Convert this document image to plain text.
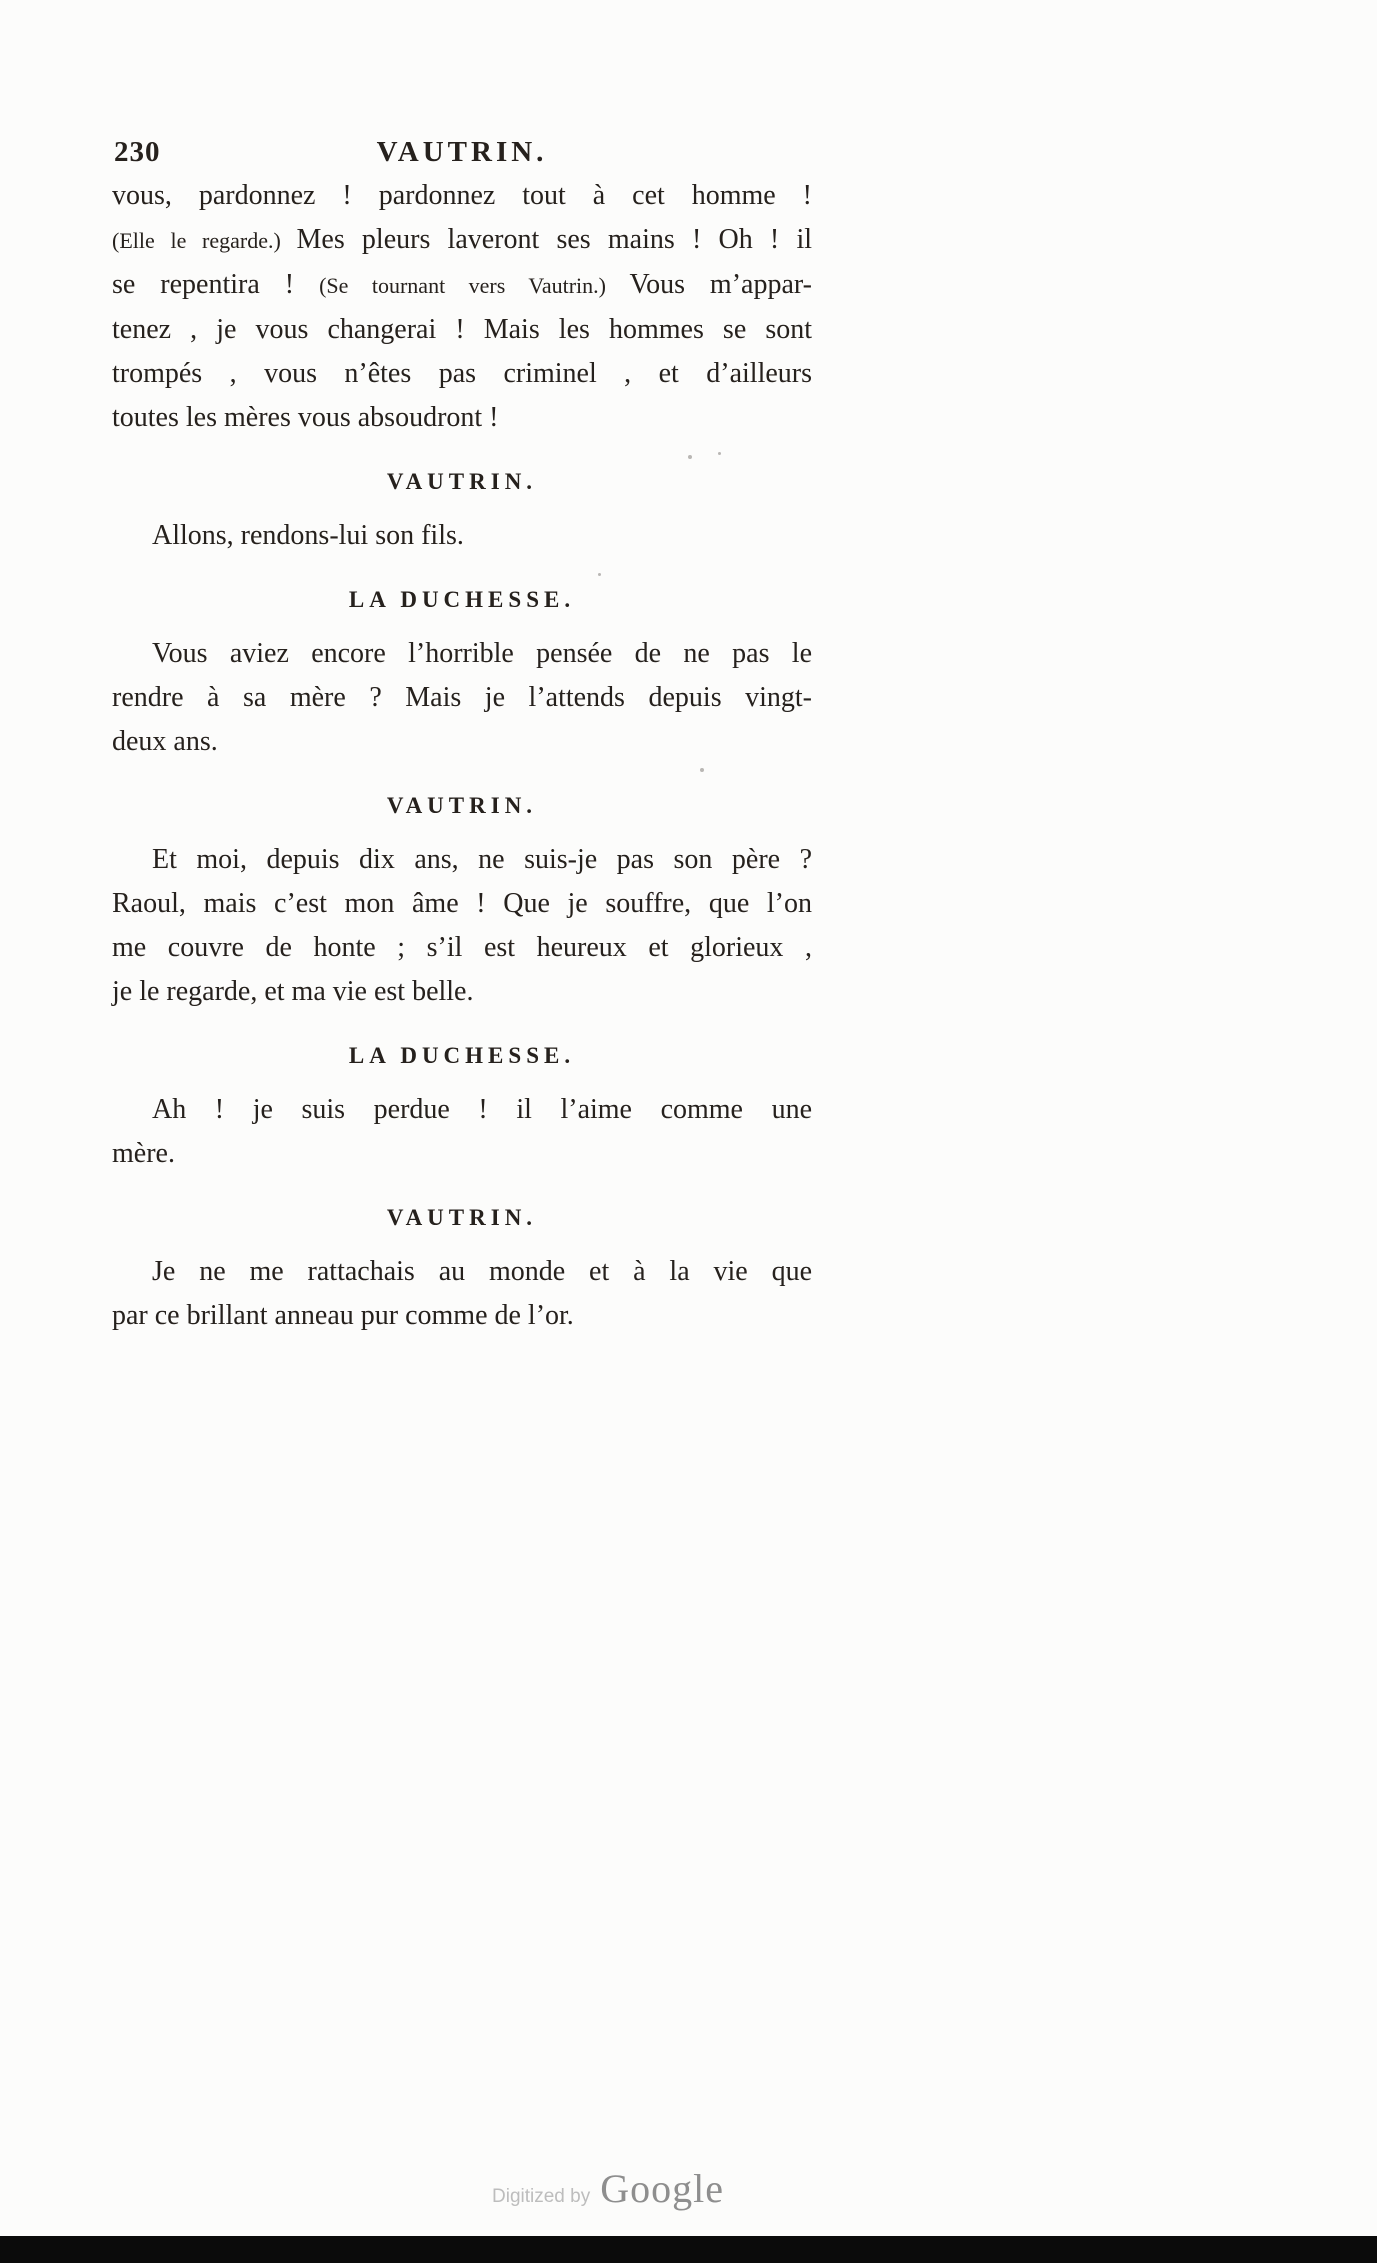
230	VAUTRIN.
vous, pardonnez ! pardonnez tout à cet homme !
(Elle le regarde.) Mes pleurs laveront ses mains ! Oh ! il
se repentira ! (Se tournant vers Vautrin.) Vous m’appar-
tenez , je vous changerai ! Mais les hommes se sont
trompés , vous n’êtes pas criminel , et d’ailleurs
toutes les mères vous absoudront !
VAUTRIN.
Allons, rendons-lui son fils.
LA DUCHESSE.
Vous aviez encore l’horrible pensée de ne pas le
rendre à sa mère ? Mais je l’attends depuis vingt-
deux ans.
VAUTRIN.
Et moi, depuis dix ans, ne suis-je pas son père ?
Raoul, mais c’est mon âme ! Que je souffre, que l’on
me couvre de honte ; s’il est heureux et glorieux ,
je le regarde, et ma vie est belle.
LA DUCHESSE.
Ah ! je suis perdue ! il l’aime comme une
mère.
VAUTRIN.
Je ne me rattachais au monde et à la vie que
par ce brillant anneau pur comme de l’or.
Digitized by Google
